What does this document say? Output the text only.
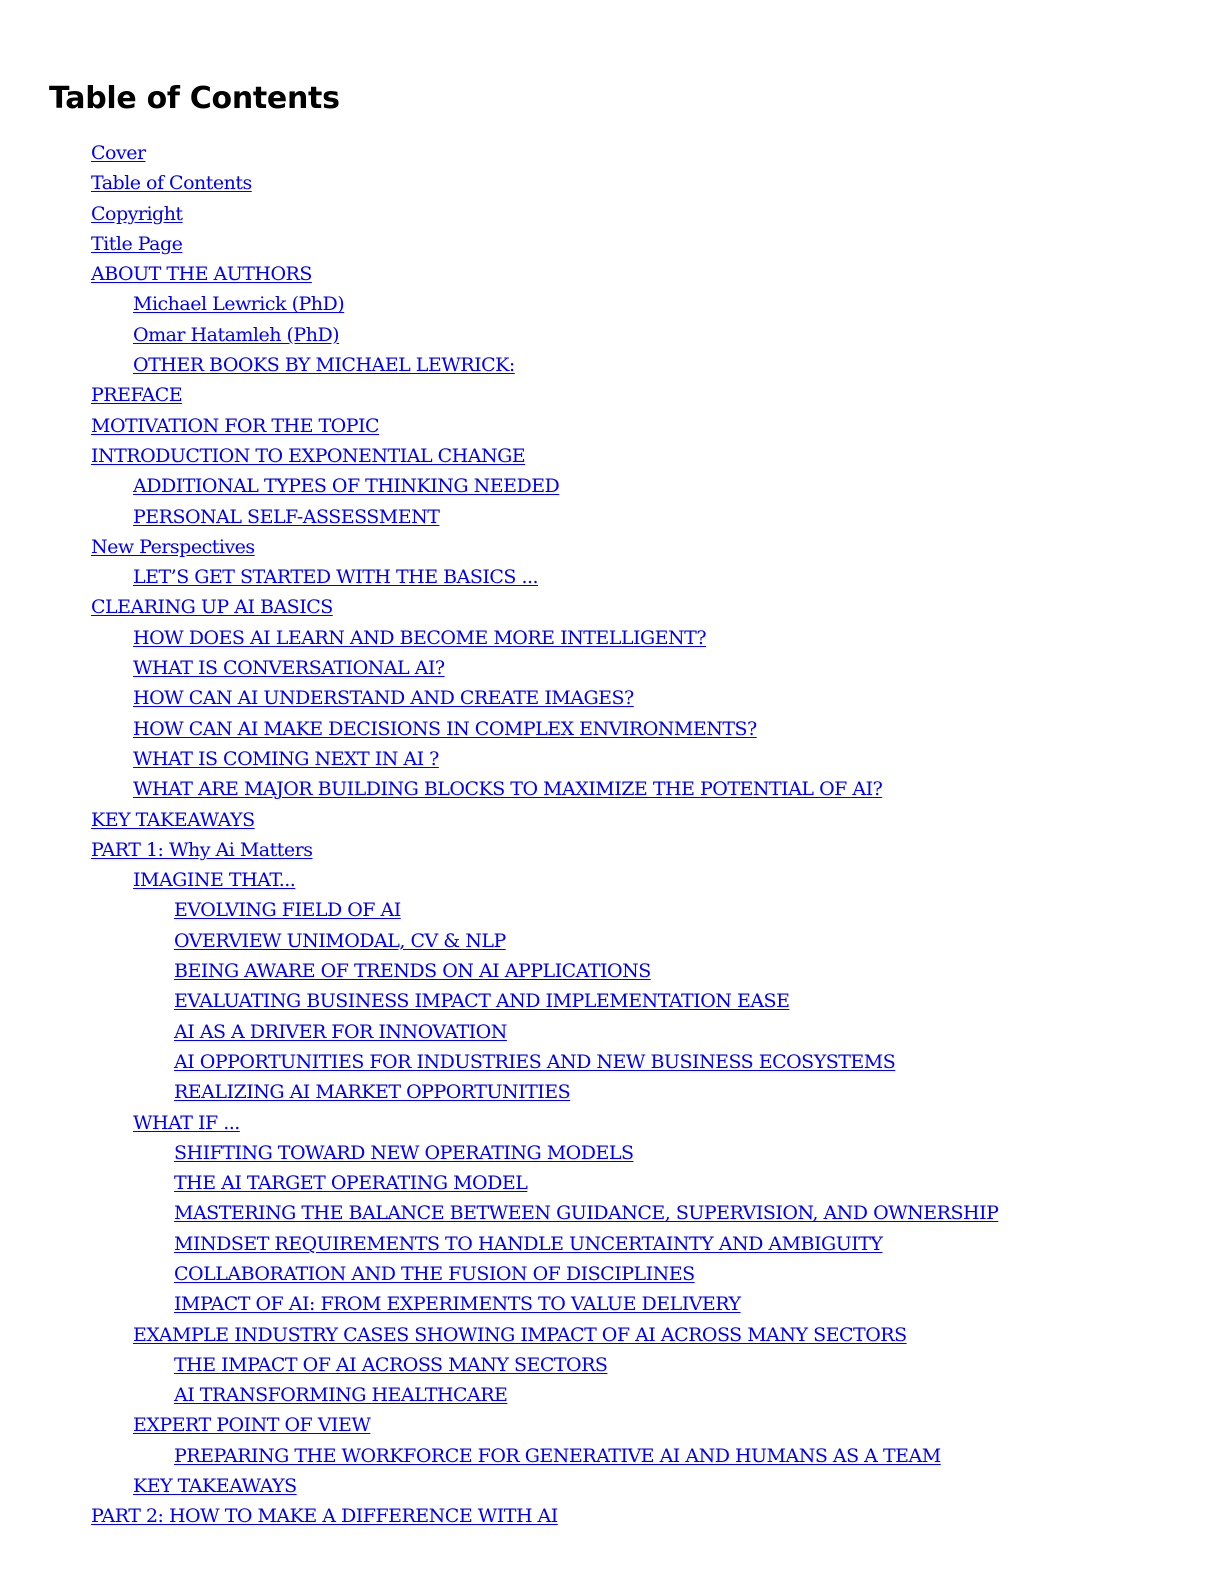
Table of Contents
Cover
Table of Contents
Copyright
Title Page
ABOUT THE AUTHORS
Michael Lewrick (PhD)
Omar Hatamleh (PhD)
OTHER BOOKS BY MICHAEL LEWRICK:
PREFACE
MOTIVATION FOR THE TOPIC
INTRODUCTION TO EXPONENTIAL CHANGE
ADDITIONAL TYPES OF THINKING NEEDED
PERSONAL SELF-ASSESSMENT
New Perspectives
LET’S GET STARTED WITH THE BASICS ...
CLEARING UP AI BASICS
HOW DOES AI LEARN AND BECOME MORE INTELLIGENT?
WHAT IS CONVERSATIONAL AI?
HOW CAN AI UNDERSTAND AND CREATE IMAGES?
HOW CAN AI MAKE DECISIONS IN COMPLEX ENVIRONMENTS?
WHAT IS COMING NEXT IN AI ?
WHAT ARE MAJOR BUILDING BLOCKS TO MAXIMIZE THE POTENTIAL OF AI?
KEY TAKEAWAYS
PART 1: Why Ai Matters
IMAGINE THAT...
EVOLVING FIELD OF AI
OVERVIEW UNIMODAL, CV & NLP
BEING AWARE OF TRENDS ON AI APPLICATIONS
EVALUATING BUSINESS IMPACT AND IMPLEMENTATION EASE
AI AS A DRIVER FOR INNOVATION
AI OPPORTUNITIES FOR INDUSTRIES AND NEW BUSINESS ECOSYSTEMS
REALIZING AI MARKET OPPORTUNITIES
WHAT IF ...
SHIFTING TOWARD NEW OPERATING MODELS
THE AI TARGET OPERATING MODEL
MASTERING THE BALANCE BETWEEN GUIDANCE, SUPERVISION, AND OWNERSHIP
MINDSET REQUIREMENTS TO HANDLE UNCERTAINTY AND AMBIGUITY
COLLABORATION AND THE FUSION OF DISCIPLINES
IMPACT OF AI: FROM EXPERIMENTS TO VALUE DELIVERY
EXAMPLE INDUSTRY CASES SHOWING IMPACT OF AI ACROSS MANY SECTORS
THE IMPACT OF AI ACROSS MANY SECTORS
AI TRANSFORMING HEALTHCARE
EXPERT POINT OF VIEW
PREPARING THE WORKFORCE FOR GENERATIVE AI AND HUMANS AS A TEAM
KEY TAKEAWAYS
PART 2: HOW TO MAKE A DIFFERENCE WITH AI
